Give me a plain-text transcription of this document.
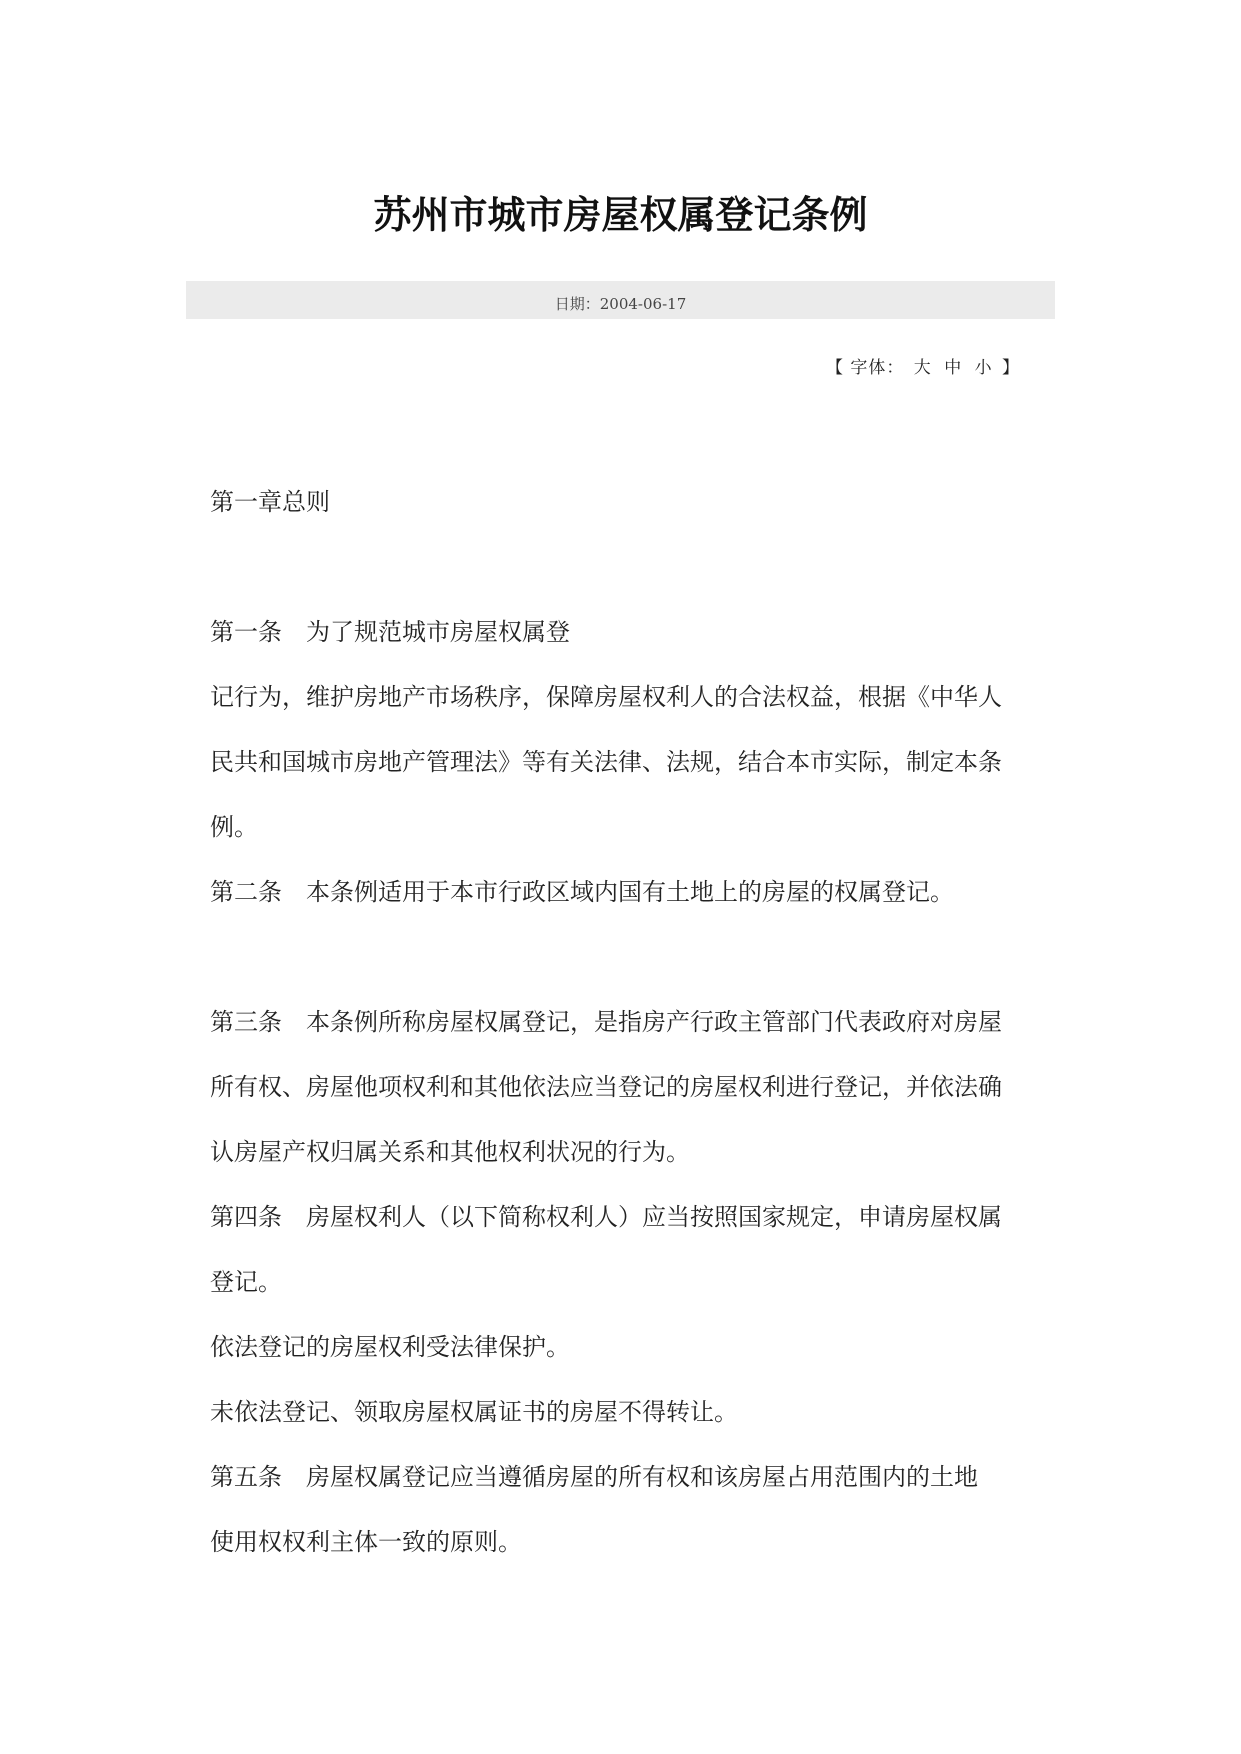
苏州市城市房屋权属登记条例
日期：2004-06-17
【 字体： 大 中 小 】

第一章总则

第一条　为了规范城市房屋权属登

记行为，维护房地产市场秩序，保障房屋权利人的合法权益，根据《中华人

民共和国城市房地产管理法》等有关法律、法规，结合本市实际，制定本条

例。

第二条　本条例适用于本市行政区域内国有土地上的房屋的权属登记。

第三条　本条例所称房屋权属登记，是指房产行政主管部门代表政府对房屋

所有权、房屋他项权利和其他依法应当登记的房屋权利进行登记，并依法确

认房屋产权归属关系和其他权利状况的行为。

第四条　房屋权利人（以下简称权利人）应当按照国家规定，申请房屋权属

登记。

依法登记的房屋权利受法律保护。

未依法登记、领取房屋权属证书的房屋不得转让。

第五条　房屋权属登记应当遵循房屋的所有权和该房屋占用范围内的土地

使用权权利主体一致的原则。
